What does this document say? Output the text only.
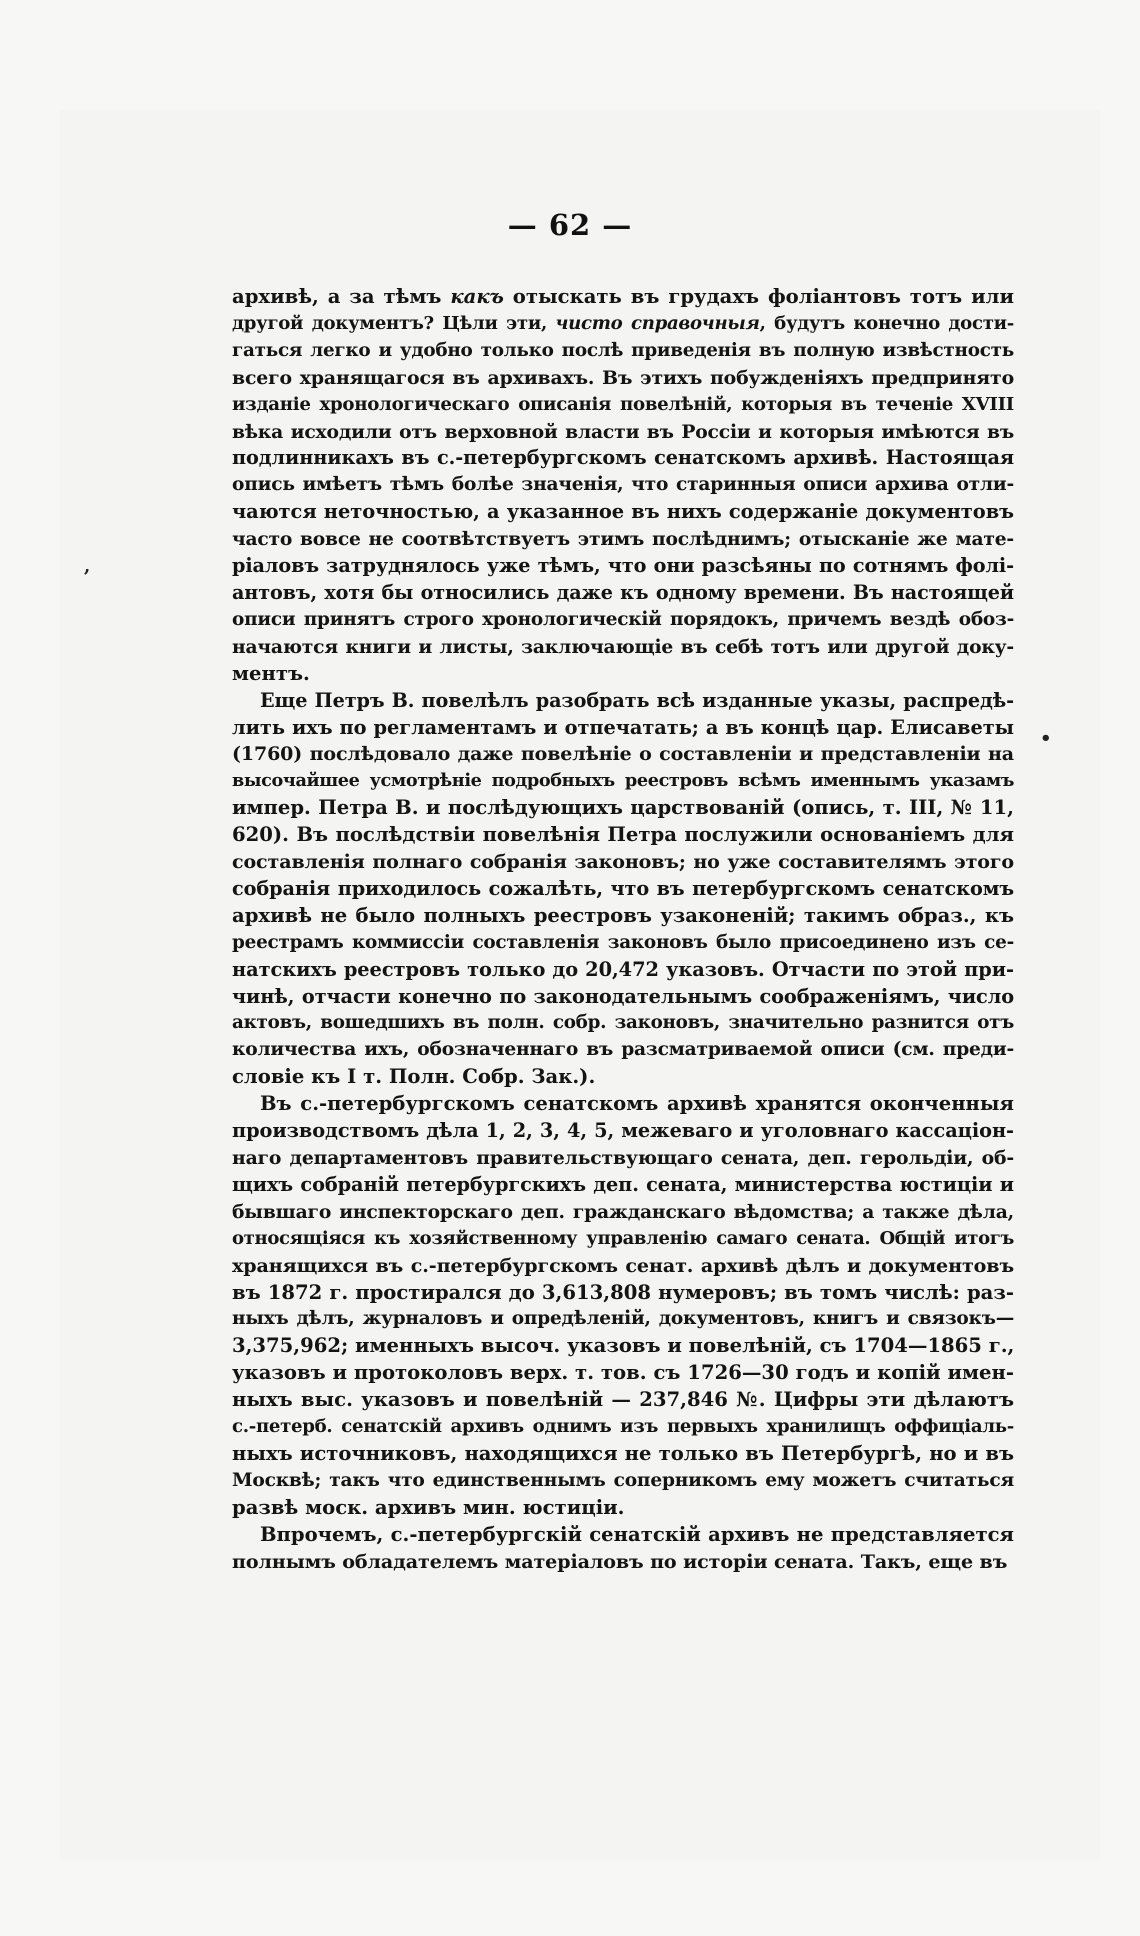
— 62 —
архивѣ, а за тѣмъ какъ отыскать въ грудахъ фоліантовъ тотъ или
другой документъ? Цѣли эти, чисто справочныя, будутъ конечно дости-
гаться легко и удобно только послѣ приведенія въ полную извѣстность
всего хранящагося въ архивахъ. Въ этихъ побужденіяхъ предпринято
изданіе хронологическаго описанія повелѣній, которыя въ теченіе XVIII
вѣка исходили отъ верховной власти въ Россіи и которыя имѣются въ
подлинникахъ въ с.-петербургскомъ сенатскомъ архивѣ. Настоящая
опись имѣетъ тѣмъ болѣе значенія, что старинныя описи архива отли-
чаются неточностью, а указанное въ нихъ содержаніе документовъ
часто вовсе не соотвѣтствуетъ этимъ послѣднимъ; отысканіе же мате-
ріаловъ затруднялось уже тѣмъ, что они разсѣяны по сотнямъ фолі-
антовъ, хотя бы относились даже къ одному времени. Въ настоящей
описи принятъ строго хронологическій порядокъ, причемъ вездѣ обоз-
начаются книги и листы, заключающіе въ себѣ тотъ или другой доку-
ментъ.
Еще Петръ В. повелѣлъ разобрать всѣ изданные указы, распредѣ-
лить ихъ по регламентамъ и отпечатать; а въ концѣ цар. Елисаветы
(1760) послѣдовало даже повелѣніе о составленіи и представленіи на
высочайшее усмотрѣніе подробныхъ реестровъ всѣмъ именнымъ указамъ
импер. Петра В. и послѣдующихъ царствованій (опись, т. III, № 11,
620). Въ послѣдствіи повелѣнія Петра послужили основаніемъ для
составленія полнаго собранія законовъ; но уже составителямъ этого
собранія приходилось сожалѣть, что въ петербургскомъ сенатскомъ
архивѣ не было полныхъ реестровъ узаконеній; такимъ образ., къ
реестрамъ коммиссіи составленія законовъ было присоединено изъ се-
натскихъ реестровъ только до 20,472 указовъ. Отчасти по этой при-
чинѣ, отчасти конечно по законодательнымъ соображеніямъ, число
актовъ, вошедшихъ въ полн. собр. законовъ, значительно разнится отъ
количества ихъ, обозначеннаго въ разсматриваемой описи (см. преди-
словіе къ I т. Полн. Собр. Зак.).
Въ с.-петербургскомъ сенатскомъ архивѣ хранятся оконченныя
производствомъ дѣла 1, 2, 3, 4, 5, межеваго и уголовнаго кассаціон-
наго департаментовъ правительствующаго сената, деп. герольдіи, об-
щихъ собраній петербургскихъ деп. сената, министерства юстиціи и
бывшаго инспекторскаго деп. гражданскаго вѣдомства; а также дѣла,
относящіяся къ хозяйственному управленію самаго сената. Общій итогъ
хранящихся въ с.-петербургскомъ сенат. архивѣ дѣлъ и документовъ
въ 1872 г. простирался до 3,613,808 нумеровъ; въ томъ числѣ: раз-
ныхъ дѣлъ, журналовъ и опредѣленій, документовъ, книгъ и связокъ—
3,375,962; именныхъ высоч. указовъ и повелѣній, съ 1704—1865 г.,
указовъ и протоколовъ верх. т. тов. съ 1726—30 годъ и копій имен-
ныхъ выс. указовъ и повелѣній — 237,846 №. Цифры эти дѣлаютъ
с.-петерб. сенатскій архивъ однимъ изъ первыхъ хранилищъ оффиціаль-
ныхъ источниковъ, находящихся не только въ Петербургѣ, но и въ
Москвѣ; такъ что единственнымъ соперникомъ ему можетъ считаться
развѣ моск. архивъ мин. юстиціи.
Впрочемъ, с.-петербургскій сенатскій архивъ не представляется
полнымъ обладателемъ матеріаловъ по исторіи сената. Такъ, еще въ
,
•
